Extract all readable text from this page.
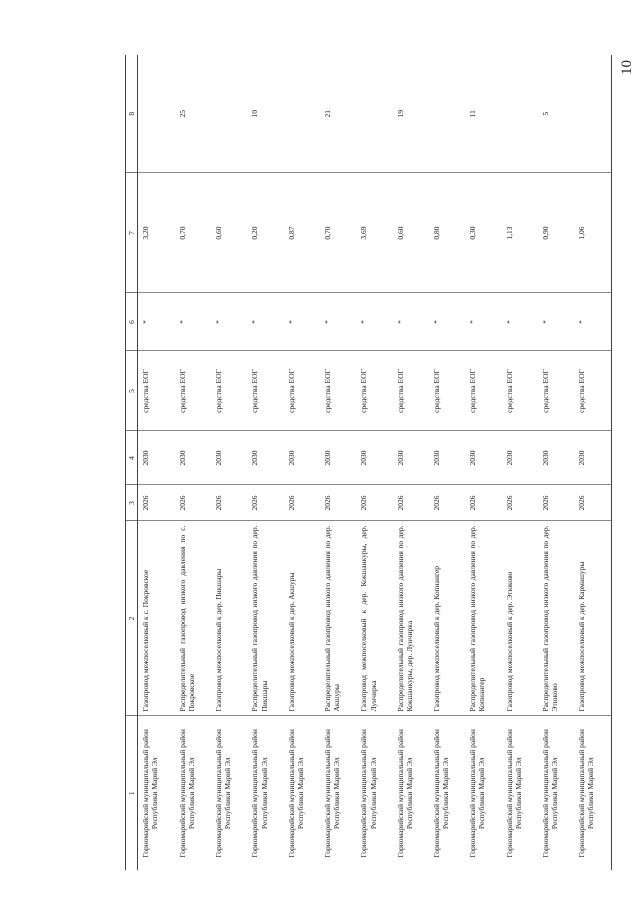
10
1	2	3	4	5	6	7	8
Горномарийский муниципальный район Республики Марий Эл	Газопровод межпоселковый к с. Покровское	2026	2030	средства ЕОГ	*	3,20	
Горномарийский муниципальный район Республики Марий Эл	Распределительный газопровод низкого давления по с. Покровское	2026	2030	средства ЕОГ	*	0,70	25
Горномарийский муниципальный район Республики Марий Эл	Газопровод межпоселковый к дер. Пикшары	2026	2030	средства ЕОГ	*	0,60	
Горномарийский муниципальный район Республики Марий Эл	Распределительный газопровод низкого давления по дер. Пикшары	2026	2030	средства ЕОГ	*	0,20	10
Горномарийский муниципальный район Республики Марий Эл	Газопровод межпоселковый к дер. Акшуры	2026	2030	средства ЕОГ	*	0,87	
Горномарийский муниципальный район Республики Марий Эл	Распределительный газопровод низкого давления по дер. Акшуры	2026	2030	средства ЕОГ	*	0,70	21
Горномарийский муниципальный район Республики Марий Эл	Газопровод межпоселковый к дер. Кокшанкуры, дер. Лунчирка	2026	2030	средства ЕОГ	*	3,69	
Горномарийский муниципальный район Республики Марий Эл	Распределительный газопровод низкого давления по дер. Кокшанкуры, дер. Лунчирка	2026	2030	средства ЕОГ	*	0,60	19
Горномарийский муниципальный район Республики Марий Эл	Газопровод межпоселковый к дер. Копнангер	2026	2030	средства ЕОГ	*	0,80	
Горномарийский муниципальный район Республики Марий Эл	Распределительный газопровод низкого давления по дер. Копнангер	2026	2030	средства ЕОГ	*	0,30	11
Горномарийский муниципальный район Республики Марий Эл	Газопровод межпоселковый к дер. Этюково	2026	2030	средства ЕОГ	*	1,13	
Горномарийский муниципальный район Республики Марий Эл	Распределительный газопровод низкого давления по дер. Этюково	2026	2030	средства ЕОГ	*	0,90	5
Горномарийский муниципальный район Республики Марий Эл	Газопровод межпоселковый к дер. Кармашуры	2026	2030	средства ЕОГ	*	1,06	
